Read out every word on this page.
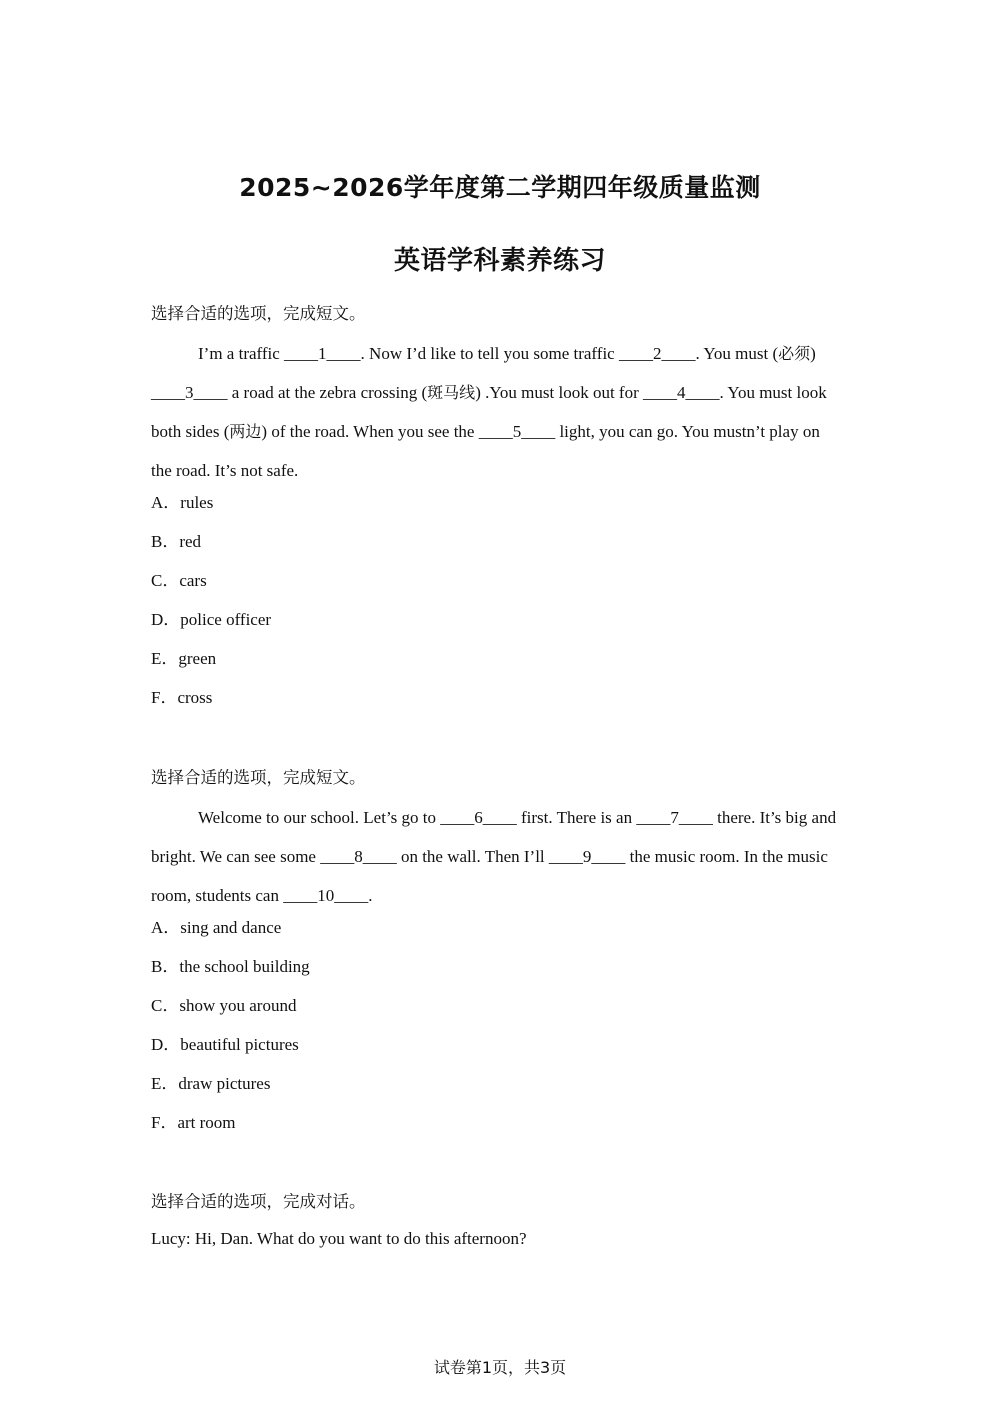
2025~2026学年度第二学期四年级质量监测
英语学科素养练习
选择合适的选项，完成短文。
I’m a traffic ____1____. Now I’d like to tell you some traffic ____2____. You must (必须) ____3____ a road at the zebra crossing (斑马线) .You must look out for ____4____. You must look both sides (两边) of the road. When you see the ____5____ light, you can go. You mustn’t play on the road. It’s not safe.
A．rules
B．red
C．cars
D．police officer
E．green
F．cross
选择合适的选项，完成短文。
Welcome to our school. Let’s go to ____6____ first. There is an ____7____ there. It’s big and bright. We can see some ____8____ on the wall. Then I’ll ____9____ the music room. In the music room, students can ____10____.
A．sing and dance
B．the school building
C．show you around
D．beautiful pictures
E．draw pictures
F．art room
选择合适的选项，完成对话。
Lucy: Hi, Dan. What do you want to do this afternoon?
试卷第1页，共3页
